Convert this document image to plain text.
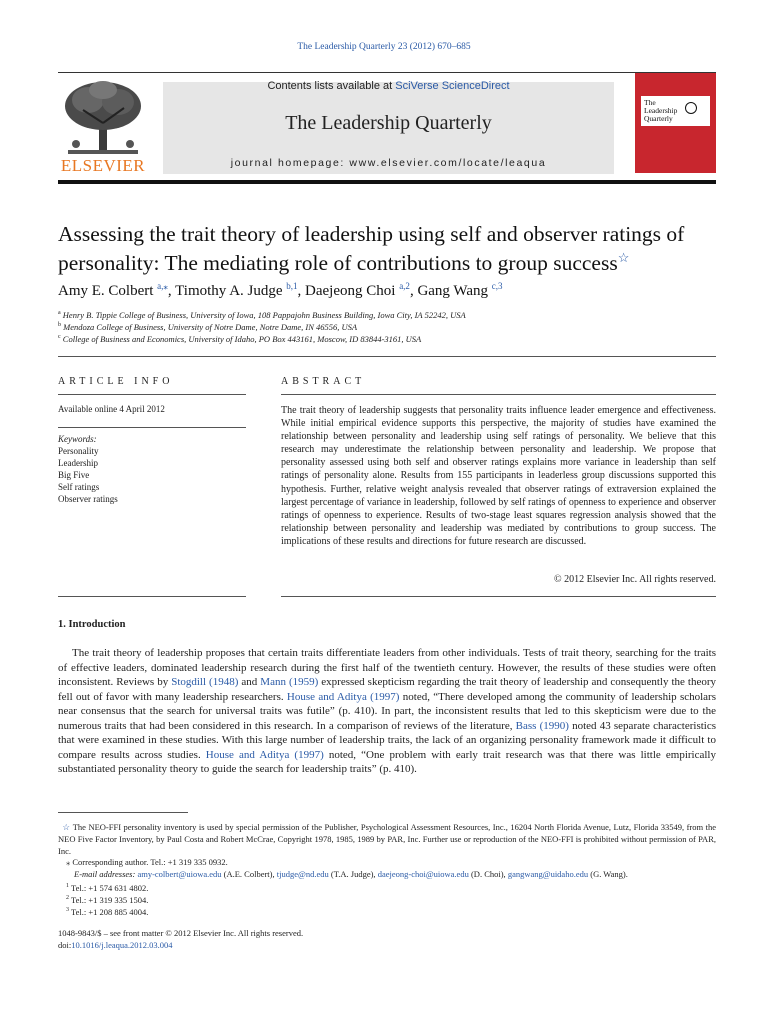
The Leadership Quarterly 23 (2012) 670–685
ELSEVIER
Contents lists available at SciVerse ScienceDirect
The Leadership Quarterly
journal homepage: www.elsevier.com/locate/leaqua
The Leadership Quarterly
Assessing the trait theory of leadership using self and observer ratings of
personality: The mediating role of contributions to group success☆
Amy E. Colbert $^{a,⁎}$, Timothy A. Judge $^{b,1}$, Daejeong Choi $^{a,2}$, Gang Wang $^{c,3}$
$^a$ Henry B. Tippie College of Business, University of Iowa, 108 Pappajohn Business Building, Iowa City, IA 52242, USA
$^b$ Mendoza College of Business, University of Notre Dame, Notre Dame, IN 46556, USA
$^c$ College of Business and Economics, University of Idaho, PO Box 443161, Moscow, ID 83844-3161, USA
ARTICLE INFO
Available online 4 April 2012
Keywords:
Personality
Leadership
Big Five
Self ratings
Observer ratings
ABSTRACT
The trait theory of leadership suggests that personality traits influence leader emergence and effectiveness. While initial empirical evidence supports this perspective, the majority of studies have examined the relationship between personality and leadership using self ratings of personality. We believe that this research may underestimate the relationship between personality and leadership. We propose that personality assessed using both self and observer ratings explains more variance in leadership than self ratings of personality alone. Results from 155 participants in leaderless group discussions supported this hypothesis. Further, relative weight analysis revealed that observer ratings of extraversion explained the largest percentage of variance in leadership, followed by self ratings of openness to experience and observer ratings of openness to experience. Results of two-stage least squares regression analysis showed that the relationship between personality and leadership was mediated by contributions to group success. The implications of these results and directions for future research are discussed.
© 2012 Elsevier Inc. All rights reserved.
1. Introduction
The trait theory of leadership proposes that certain traits differentiate leaders from other individuals. Tests of trait theory, searching for the traits of effective leaders, dominated leadership research during the first half of the twentieth century. However, the results of these studies were often inconsistent. Reviews by Stogdill (1948) and Mann (1959) expressed skepticism regarding the trait theory of leadership and consequently the theory fell out of favor with many leadership researchers. House and Aditya (1997) noted, “There developed among the community of leadership scholars near consensus that the search for universal traits was futile” (p. 410). In part, the inconsistent results that led to this skepticism were due to the numerous traits that had been considered in this research. In a comparison of reviews of the literature, Bass (1990) noted 43 separate characteristics that were examined in these studies. With this large number of leadership traits, the lack of an organizing personality framework made it difficult to compare results across studies. House and Aditya (1997) noted, “One problem with early trait research was that there was little empirically substantiated personality theory to guide the search for leadership traits” (p. 410).
☆ The NEO-FFI personality inventory is used by special permission of the Publisher, Psychological Assessment Resources, Inc., 16204 North Florida Avenue, Lutz, Florida 33549, from the NEO Five Factor Inventory, by Paul Costa and Robert McCrae, Copyright 1978, 1985, 1989 by PAR, Inc. Further use or reproduction of the NEO-FFI is prohibited without permission of PAR, Inc.
⁎ Corresponding author. Tel.: +1 319 335 0932.
E-mail addresses: amy-colbert@uiowa.edu (A.E. Colbert), tjudge@nd.edu (T.A. Judge), daejeong-choi@uiowa.edu (D. Choi), gangwang@uidaho.edu (G. Wang).
$^1$ Tel.: +1 574 631 4802.
$^2$ Tel.: +1 319 335 1504.
$^3$ Tel.: +1 208 885 4004.
1048-9843/$ – see front matter © 2012 Elsevier Inc. All rights reserved.
doi:10.1016/j.leaqua.2012.03.004
